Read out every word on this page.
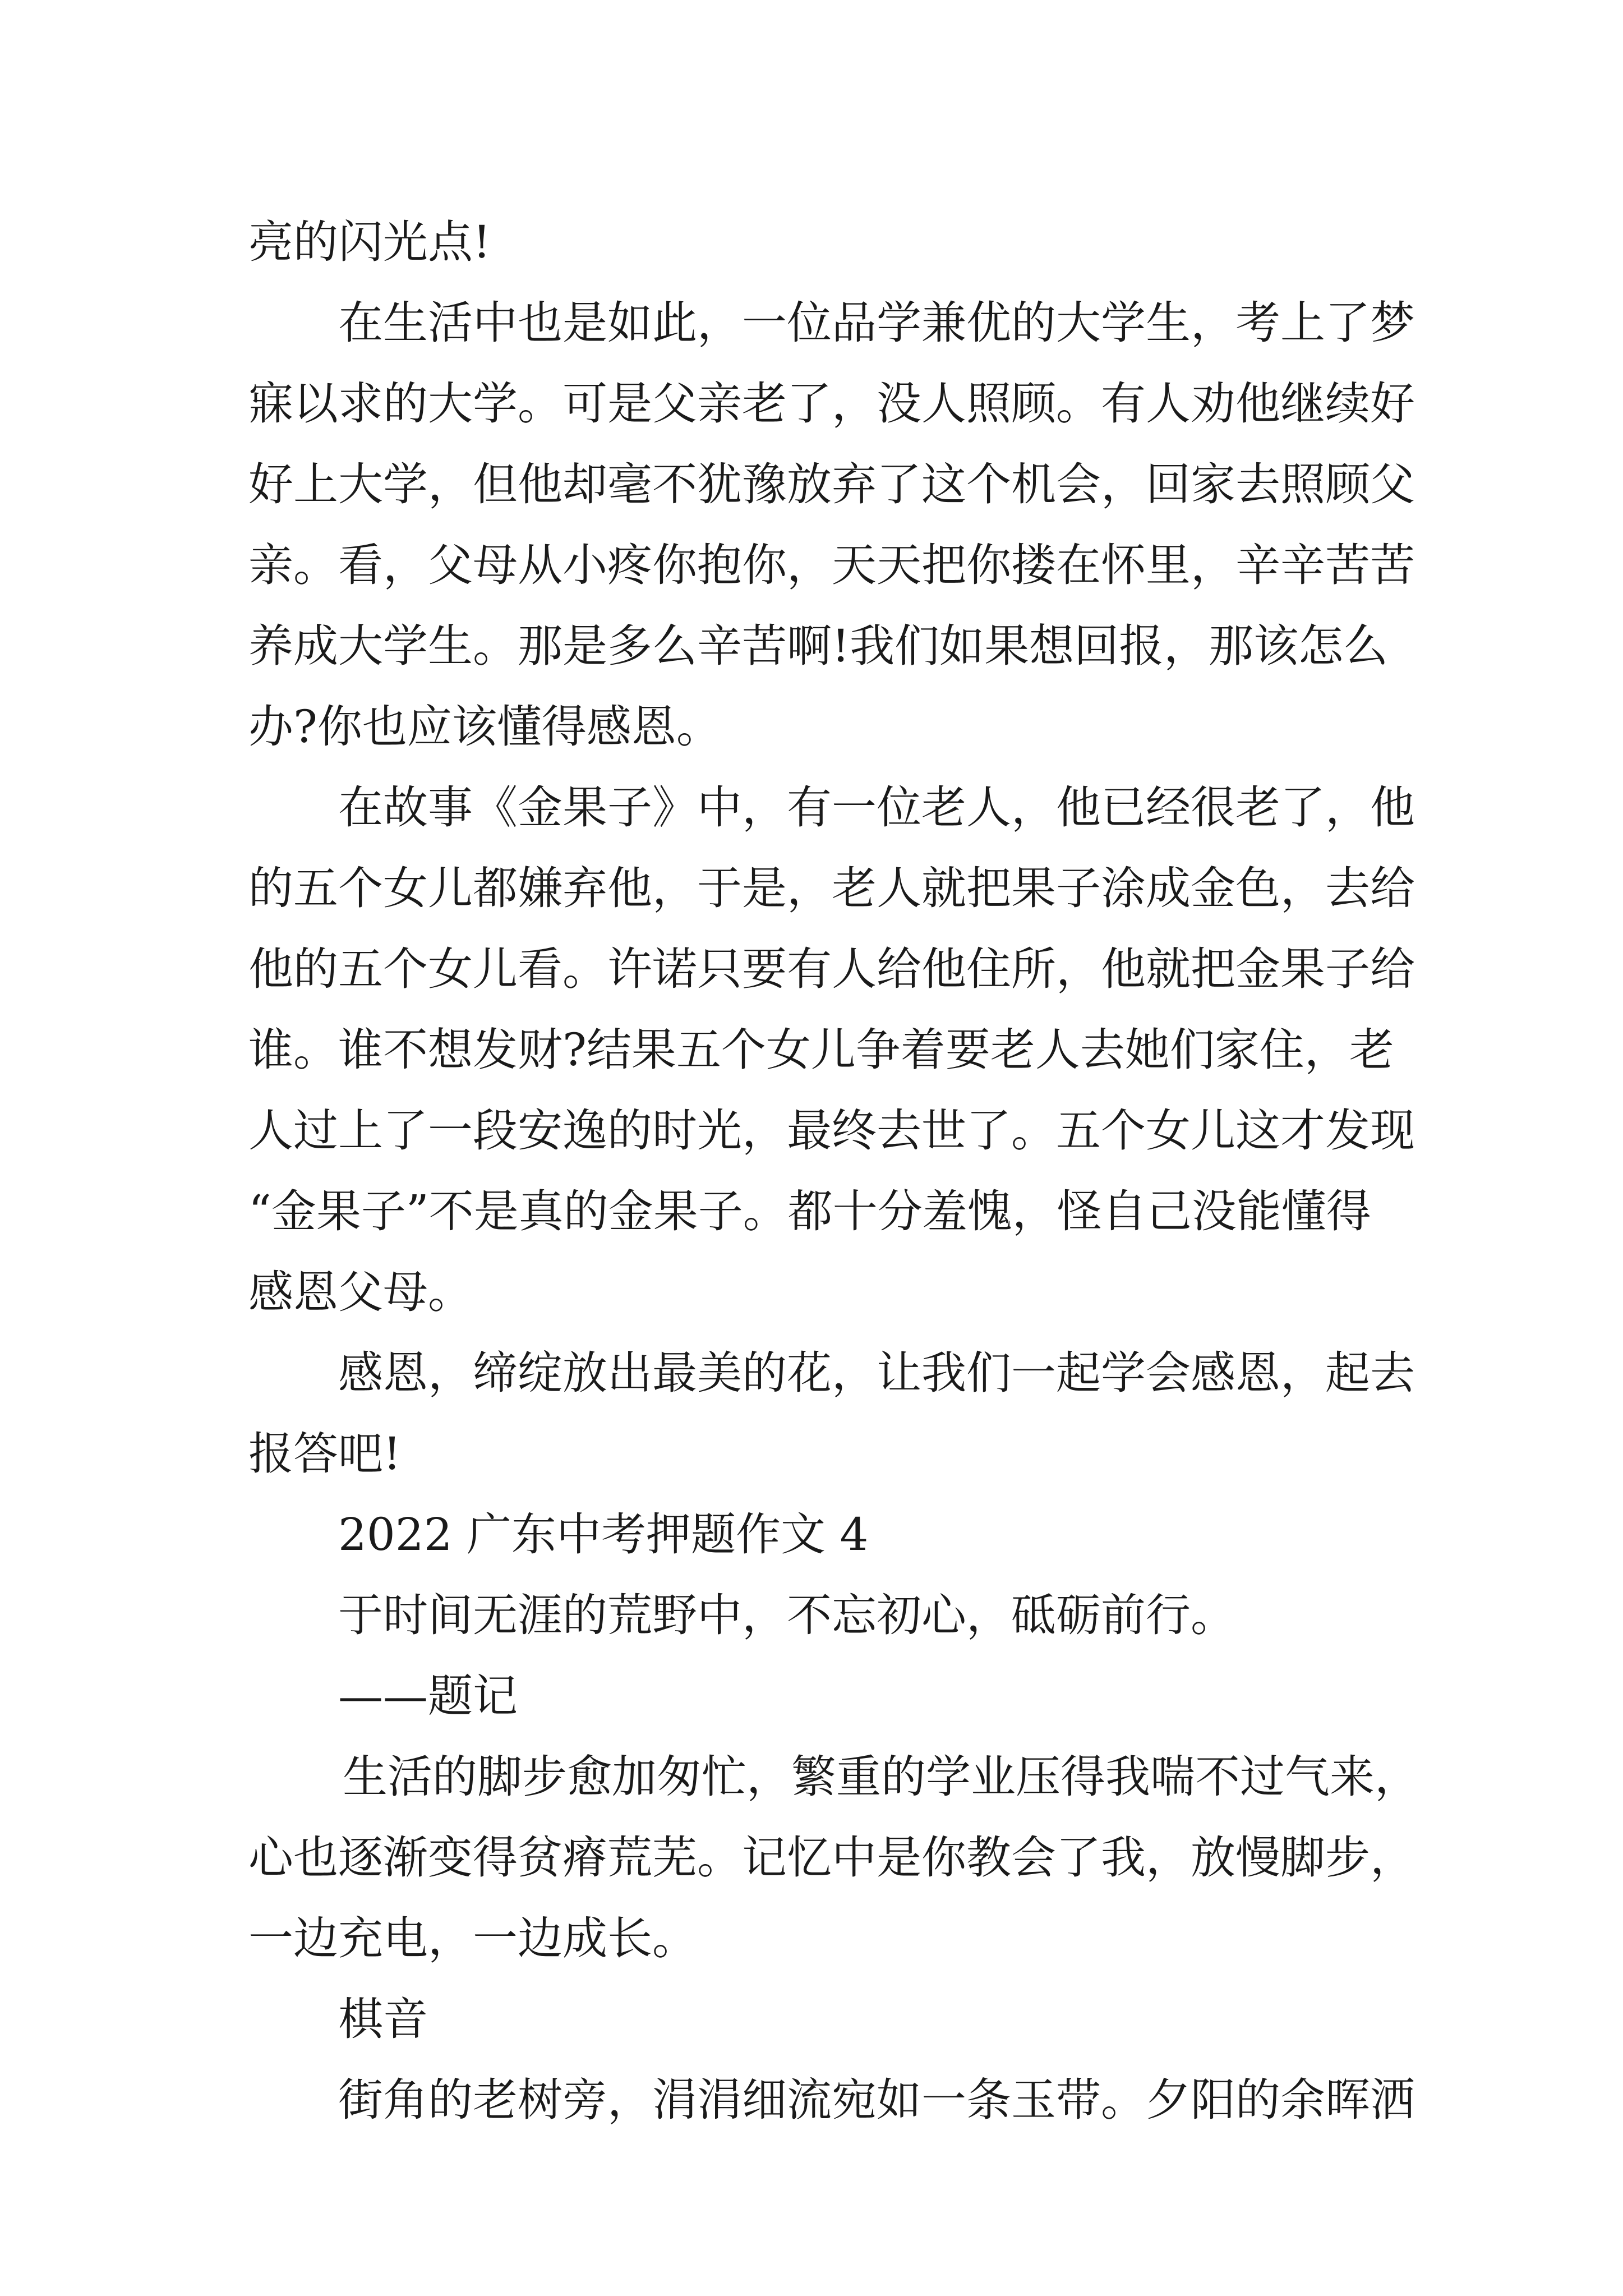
亮的闪光点!

在生活中也是如此，一位品学兼优的大学生，考上了梦

寐以求的大学。可是父亲老了，没人照顾。有人劝他继续好

好上大学，但他却毫不犹豫放弃了这个机会，回家去照顾父

亲。看，父母从小疼你抱你，天天把你搂在怀里，辛辛苦苦

养成大学生。那是多么辛苦啊!我们如果想回报，那该怎么

办?你也应该懂得感恩。

在故事《金果子》中，有一位老人，他已经很老了，他

的五个女儿都嫌弃他，于是，老人就把果子涂成金色，去给

他的五个女儿看。许诺只要有人给他住所，他就把金果子给

谁。谁不想发财?结果五个女儿争着要老人去她们家住，老

人过上了一段安逸的时光，最终去世了。五个女儿这才发现

“金果子”不是真的金果子。都十分羞愧，怪自己没能懂得

感恩父母。

感恩，缔绽放出最美的花，让我们一起学会感恩，起去

报答吧!

2022 广东中考押题作文 4

于时间无涯的荒野中，不忘初心，砥砺前行。

——题记

生活的脚步愈加匆忙，繁重的学业压得我喘不过气来，

心也逐渐变得贫瘠荒芜。记忆中是你教会了我，放慢脚步，

一边充电，一边成长。

棋音

街角的老树旁，涓涓细流宛如一条玉带。夕阳的余晖洒
